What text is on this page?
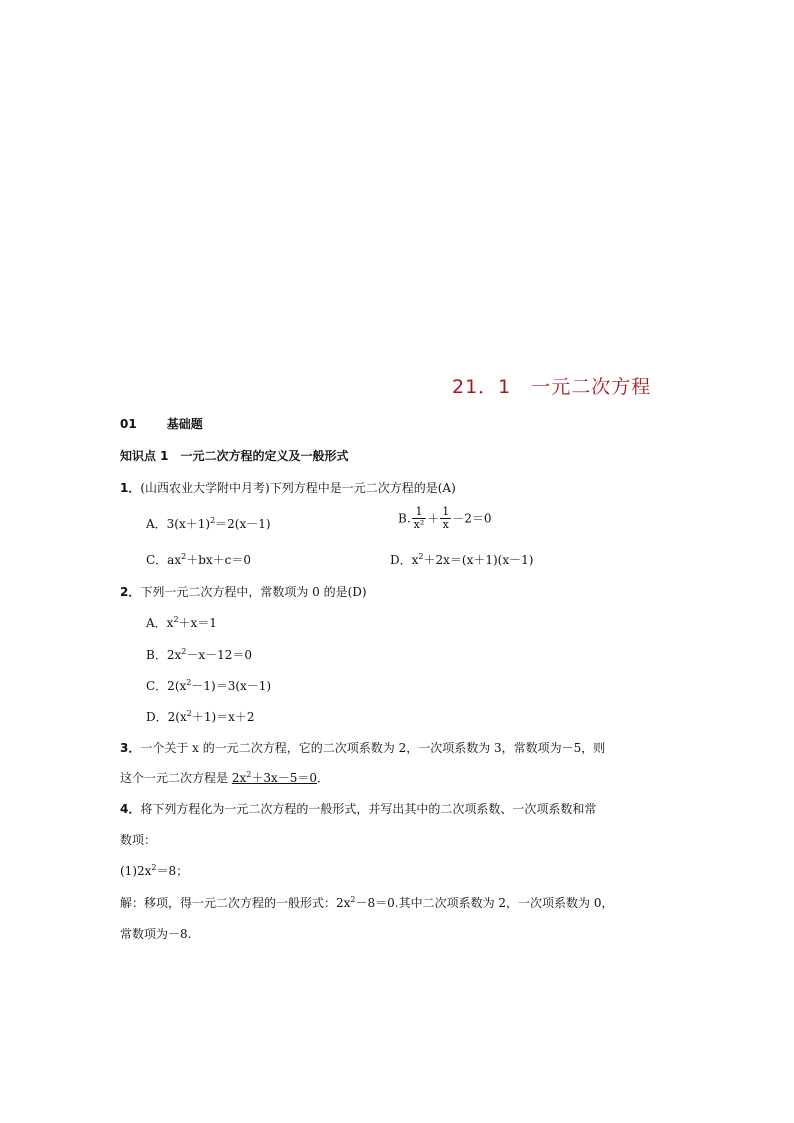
21．1　一元二次方程
01	基础题
知识点 1　一元二次方程的定义及一般形式
1．(山西农业大学附中月考)下列方程中是一元二次方程的是(A)
A．$3(x+1)^2=2(x-1)$	B. $\frac{1}{\text{x²}} + \frac{1}{x} -2=0$
C．$ax^2+bx+c=0$	D．$x^2+2x=(x+1)(x-1)$
2．下列一元二次方程中，常数项为 0 的是(D)
A．$x^2+x=1$
B．$2x^2-x-12=0$
C．$2(x^2-1)=3(x-1)$
D．$2(x^2+1)=x+2$
3．一个关于 x 的一元二次方程，它的二次项系数为 2，一次项系数为 3，常数项为－5，则
这个一元二次方程是 $2x^2+3x-5=0$．
4．将下列方程化为一元二次方程的一般形式，并写出其中的二次项系数、一次项系数和常
数项：
$(1)2x^2=8$；
解：移项，得一元二次方程的一般形式：$2x^2-8=0$.其中二次项系数为 2，一次项系数为 0，
常数项为－8.
